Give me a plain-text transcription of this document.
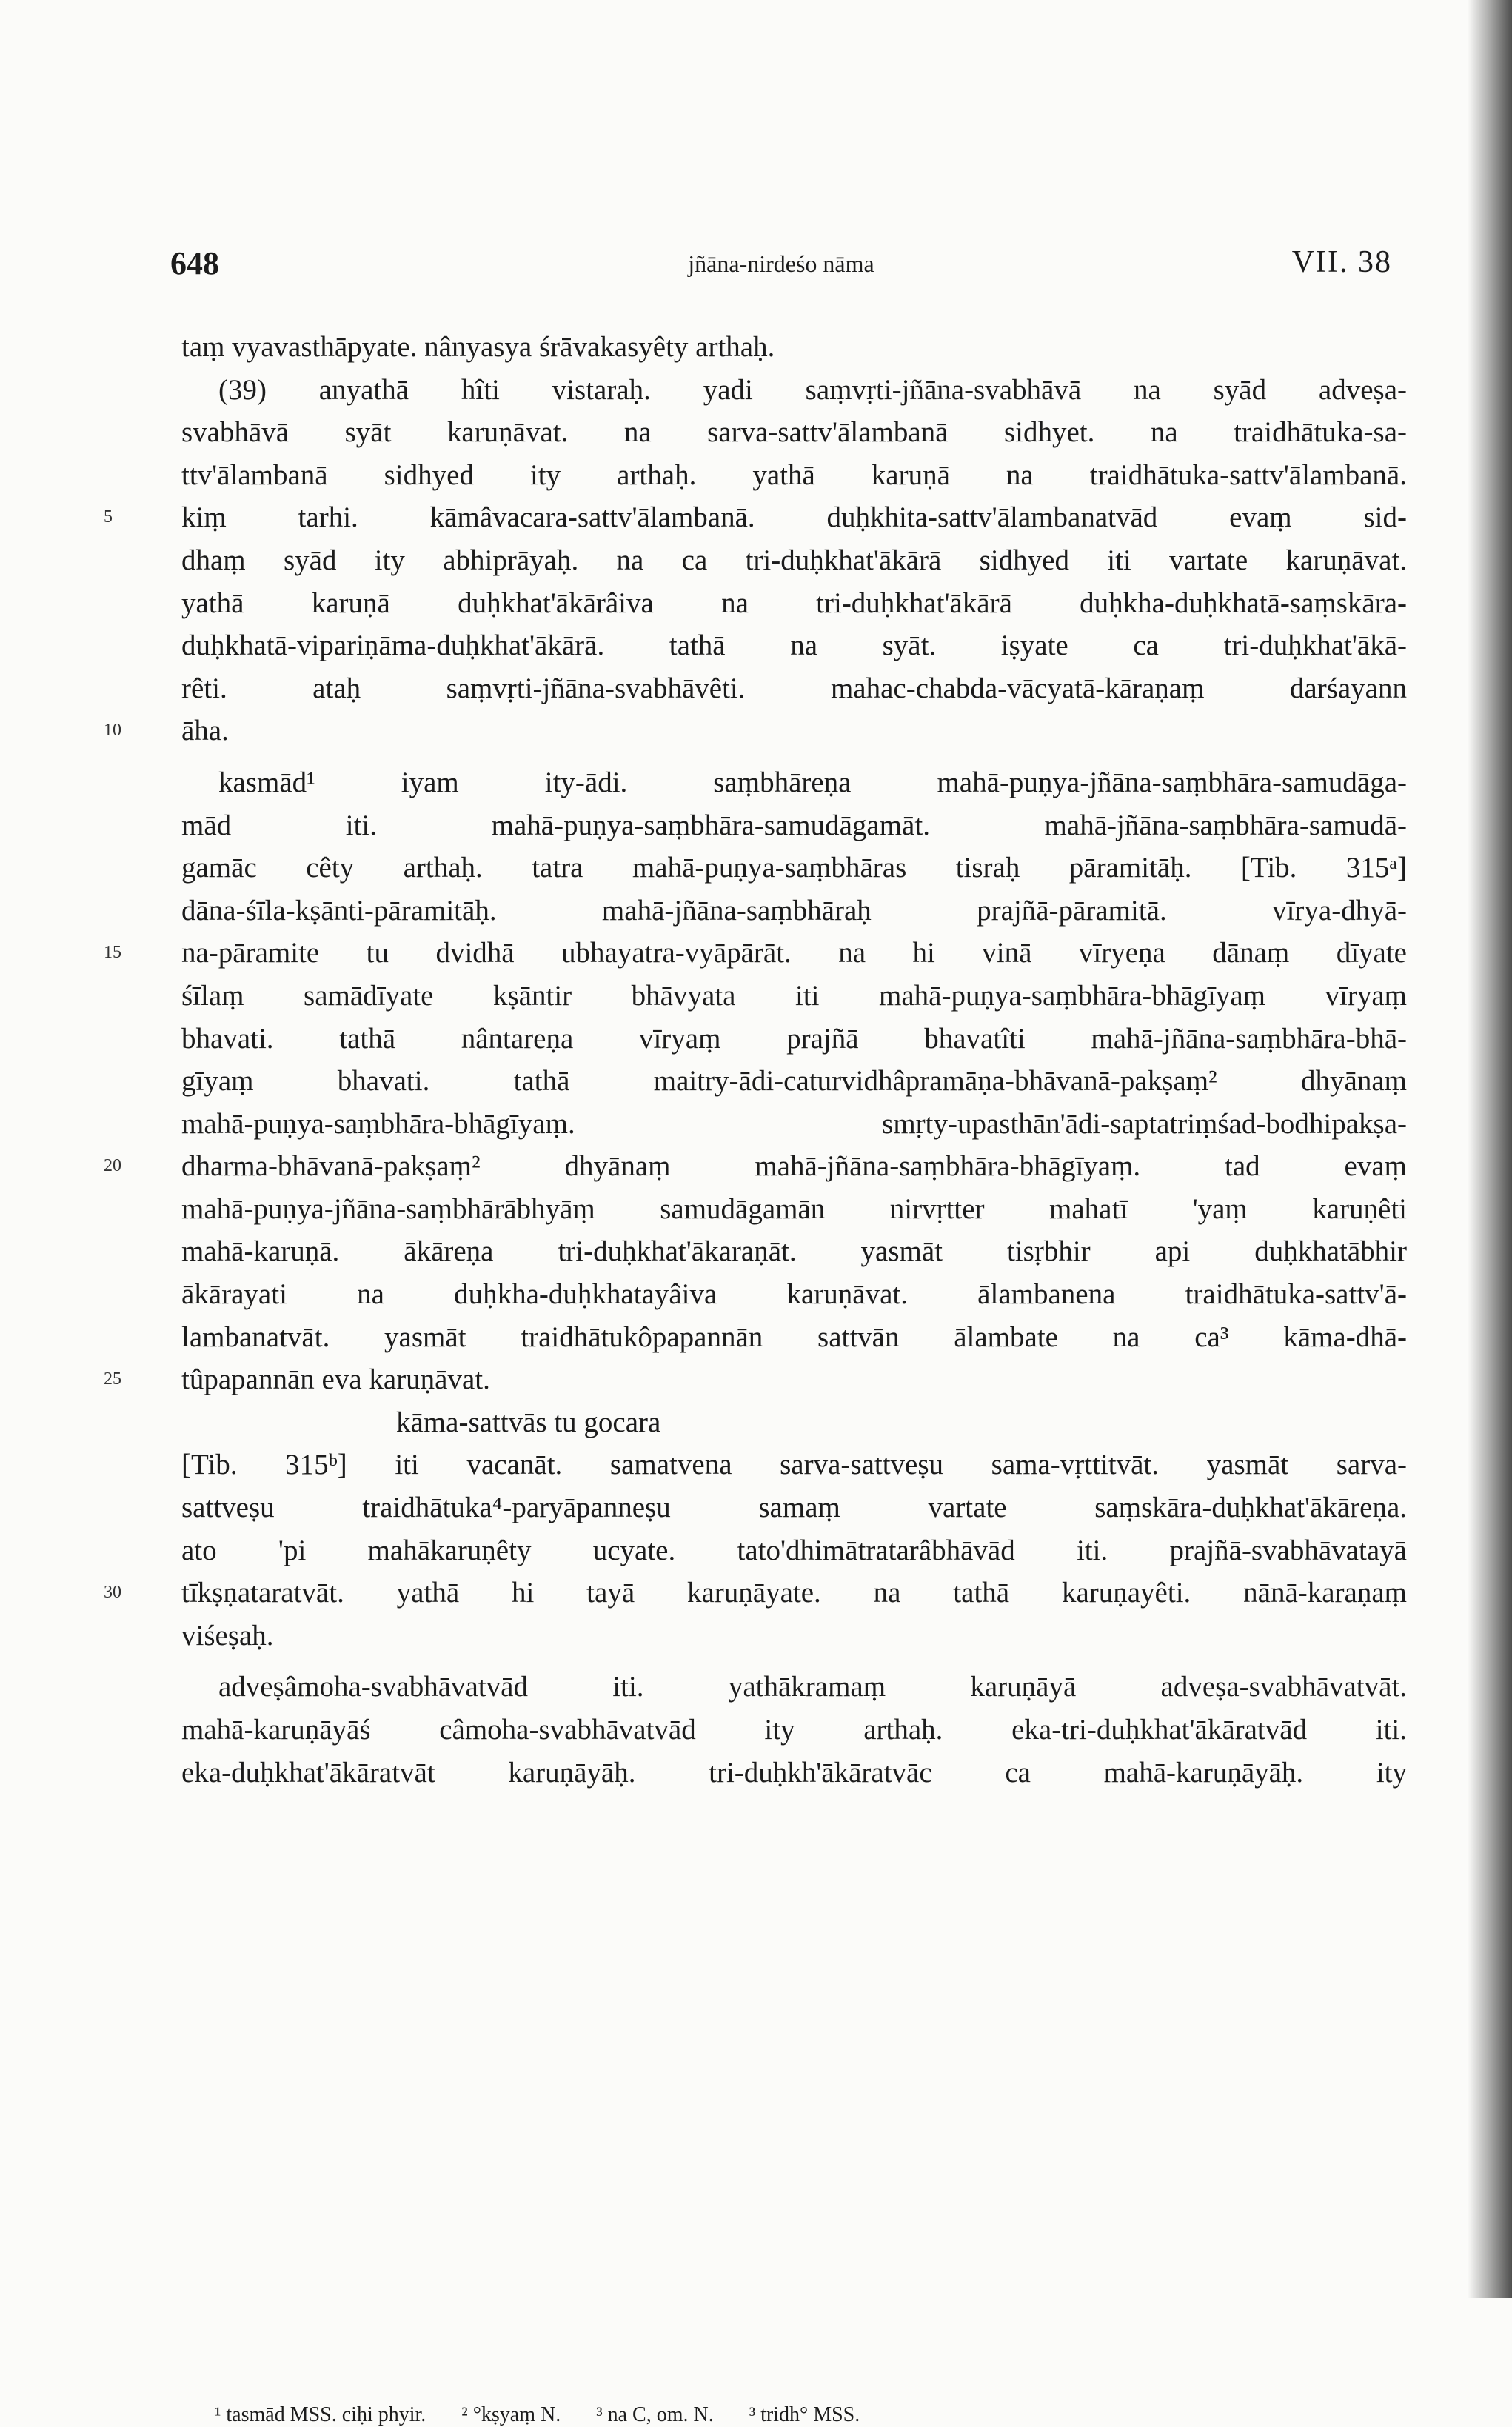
648	jñāna-nirdeśo nāma	VII. 38
taṃ vyavasthāpyate. nânyasya śrāvakasyêty arthaḥ.
(39) anyathā hîti vistaraḥ. yadi saṃvṛti-jñāna-svabhāvā na syād adveṣa-
svabhāvā syāt karuṇāvat. na sarva-sattv'ālambanā sidhyet. na traidhātuka-sa-
ttv'ālambanā sidhyed ity arthaḥ. yathā karuṇā na traidhātuka-sattv'ālambanā.
5	kiṃ tarhi. kāmâvacara-sattv'ālambanā. duḥkhita-sattv'ālambanatvād evaṃ sid-
dhaṃ syād ity abhiprāyaḥ. na ca tri-duḥkhat'ākārā sidhyed iti vartate karuṇāvat.
yathā karuṇā duḥkhat'ākārâiva na tri-duḥkhat'ākārā duḥkha-duḥkhatā-saṃskāra-
duḥkhatā-vipariṇāma-duḥkhat'ākārā. tathā na syāt. iṣyate ca tri-duḥkhat'ākā-
rêti. ataḥ saṃvṛti-jñāna-svabhāvêti. mahac-chabda-vācyatā-kāraṇaṃ darśayann
10	āha.
kasmād¹ iyam ity-ādi. saṃbhāreṇa mahā-puṇya-jñāna-saṃbhāra-samudāga-
mād iti. mahā-puṇya-saṃbhāra-samudāgamāt. mahā-jñāna-saṃbhāra-samudā-
gamāc cêty arthaḥ. tatra mahā-puṇya-saṃbhāras tisraḥ pāramitāḥ. [Tib. 315ᵃ]
dāna-śīla-kṣānti-pāramitāḥ. mahā-jñāna-saṃbhāraḥ prajñā-pāramitā. vīrya-dhyā-
15	na-pāramite tu dvidhā ubhayatra-vyāpārāt. na hi vinā vīryeṇa dānaṃ dīyate
śīlaṃ samādīyate kṣāntir bhāvyata iti mahā-puṇya-saṃbhāra-bhāgīyaṃ vīryaṃ
bhavati. tathā nântareṇa vīryaṃ prajñā bhavatîti mahā-jñāna-saṃbhāra-bhā-
gīyaṃ bhavati. tathā maitry-ādi-caturvidhâpramāṇa-bhāvanā-pakṣaṃ² dhyānaṃ
mahā-puṇya-saṃbhāra-bhāgīyaṃ. smṛty-upasthān'ādi-saptatriṃśad-bodhipakṣa-
20	dharma-bhāvanā-pakṣaṃ² dhyānaṃ mahā-jñāna-saṃbhāra-bhāgīyaṃ. tad evaṃ
mahā-puṇya-jñāna-saṃbhārābhyāṃ samudāgamān nirvṛtter mahatī 'yaṃ karuṇêti
mahā-karuṇā. ākāreṇa tri-duḥkhat'ākaraṇāt. yasmāt tisṛbhir api duḥkhatābhir
ākārayati na duḥkha-duḥkhatayâiva karuṇāvat. ālambanena traidhātuka-sattv'ā-
lambanatvāt. yasmāt traidhātukôpapannān sattvān ālambate na ca³ kāma-dhā-
25	tûpapannān eva karuṇāvat.
kāma-sattvās tu gocara
[Tib. 315ᵇ] iti vacanāt. samatvena sarva-sattveṣu sama-vṛttitvāt. yasmāt sarva-
sattveṣu traidhātuka⁴-paryāpanneṣu samaṃ vartate saṃskāra-duḥkhat'ākāreṇa.
ato 'pi mahākaruṇêty ucyate. tato'dhimātratarâbhāvād iti. prajñā-svabhāvatayā
30	tīkṣṇataratvāt. yathā hi tayā karuṇāyate. na tathā karuṇayêti. nānā-karaṇaṃ
viśeṣaḥ.
adveṣâmoha-svabhāvatvād iti. yathākramaṃ karuṇāyā adveṣa-svabhāvatvāt.
mahā-karuṇāyāś câmoha-svabhāvatvād ity arthaḥ. eka-tri-duḥkhat'ākāratvād iti.
eka-duḥkhat'ākāratvāt karuṇāyāḥ. tri-duḥkh'ākāratvāc ca mahā-karuṇāyāḥ. ity
¹ tasmād MSS. ciḥi phyir. ² °kṣyaṃ N. ³ na C, om. N. ³ tridh° MSS.
